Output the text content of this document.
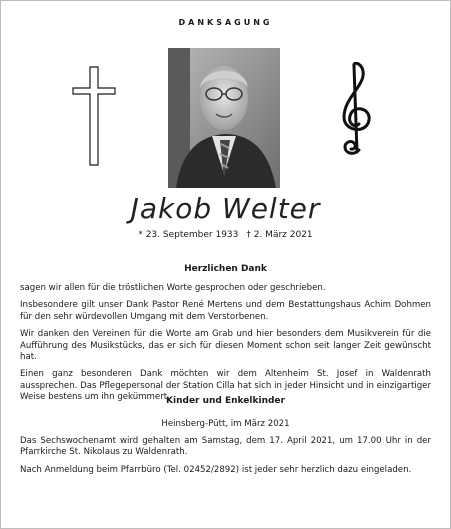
DANKSAGUNG
Jakob Welter
* 23. September 1933 † 2. März 2021
Herzlichen Dank

sagen wir allen für die tröstlichen Worte gesprochen oder geschrieben.

Insbesondere gilt unser Dank Pastor René Mertens und dem Bestattungshaus Achim Dohmen für den sehr würdevollen Umgang mit dem Verstorbenen.

Wir danken den Vereinen für die Worte am Grab und hier besonders dem Musikverein für die Aufführung des Musikstücks, das er sich für diesen Moment schon seit langer Zeit gewünscht hat.

Einen ganz besonderen Dank möchten wir dem Altenheim St. Josef in Waldenrath aussprechen. Das Pflegepersonal der Station Cilla hat sich in jeder Hinsicht und in einzigartiger Weise bestens um ihn gekümmert.

Kinder und Enkelkinder
Heinsberg-Pütt, im März 2021

Das Sechswochenamt wird gehalten am Samstag, dem 17. April 2021, um 17.00 Uhr in der Pfarrkirche St. Nikolaus zu Waldenrath.

Nach Anmeldung beim Pfarrbüro (Tel. 02452/2892) ist jeder sehr herzlich dazu eingeladen.
